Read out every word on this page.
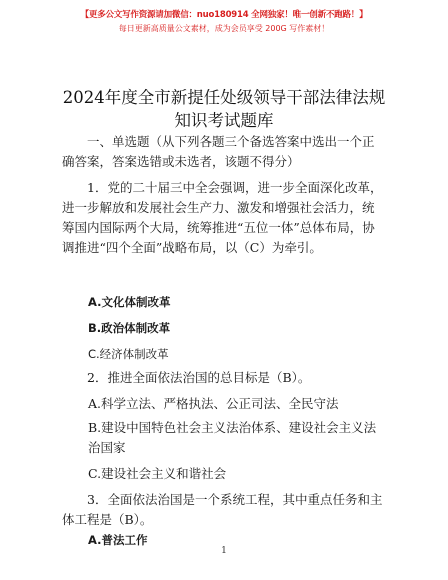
【更多公文写作资源请加微信：nuo180914 全网独家！唯一创新不跑路！】
每日更新高质量公文素材，成为会员享受 200G 写作素材！
2024年度全市新提任处级领导干部法律法规知识考试题库
一、单选题（从下列各题三个备选答案中选出一个正确答案，答案选错或未选者，该题不得分）
1．党的二十届三中全会强调，进一步全面深化改革，进一步解放和发展社会生产力、激发和增强社会活力，统筹国内国际两个大局，统筹推进“五位一体”总体布局，协调推进“四个全面”战略布局，以（C）为牵引。
A.文化体制改革
B.政治体制改革
C.经济体制改革
2．推进全面依法治国的总目标是（B）。
A.科学立法、严格执法、公正司法、全民守法
B.建设中国特色社会主义法治体系、建设社会主义法治国家
C.建设社会主义和谐社会
3．全面依法治国是一个系统工程，其中重点任务和主体工程是（B）。
A.普法工作
1
